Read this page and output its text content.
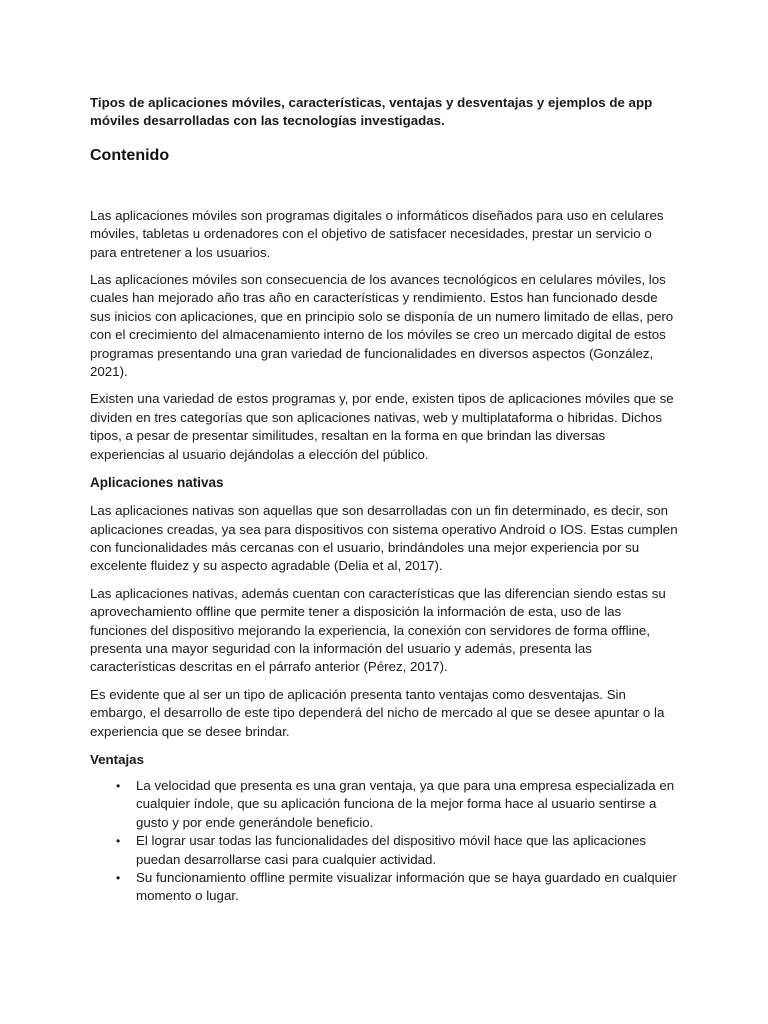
Tipos de aplicaciones móviles, características, ventajas y desventajas y ejemplos de app móviles desarrolladas con las tecnologías investigadas.

Contenido

Las aplicaciones móviles son programas digitales o informáticos diseñados para uso en celulares móviles, tabletas u ordenadores con el objetivo de satisfacer necesidades, prestar un servicio o para entretener a los usuarios.

Las aplicaciones móviles son consecuencia de los avances tecnológicos en celulares móviles, los cuales han mejorado año tras año en características y rendimiento. Estos han funcionado desde sus inicios con aplicaciones, que en principio solo se disponía de un numero limitado de ellas, pero con el crecimiento del almacenamiento interno de los móviles se creo un mercado digital de estos programas presentando una gran variedad de funcionalidades en diversos aspectos (González, 2021).

Existen una variedad de estos programas y, por ende, existen tipos de aplicaciones móviles que se dividen en tres categorías que son aplicaciones nativas, web y multiplataforma o hibridas. Dichos tipos, a pesar de presentar similitudes, resaltan en la forma en que brindan las diversas experiencias al usuario dejándolas a elección del público.

Aplicaciones nativas

Las aplicaciones nativas son aquellas que son desarrolladas con un fin determinado, es decir, son aplicaciones creadas, ya sea para dispositivos con sistema operativo Android o IOS. Estas cumplen con funcionalidades más cercanas con el usuario, brindándoles una mejor experiencia por su excelente fluidez y su aspecto agradable (Delia et al, 2017).

Las aplicaciones nativas, además cuentan con características que las diferencian siendo estas su aprovechamiento offline que permite tener a disposición la información de esta, uso de las funciones del dispositivo mejorando la experiencia, la conexión con servidores de forma offline, presenta una mayor seguridad con la información del usuario y además, presenta las características descritas en el párrafo anterior (Pérez, 2017).

Es evidente que al ser un tipo de aplicación presenta tanto ventajas como desventajas. Sin embargo, el desarrollo de este tipo dependerá del nicho de mercado al que se desee apuntar o la experiencia que se desee brindar.

Ventajas
• La velocidad que presenta es una gran ventaja, ya que para una empresa especializada en cualquier índole, que su aplicación funciona de la mejor forma hace al usuario sentirse a gusto y por ende generándole beneficio.
• El lograr usar todas las funcionalidades del dispositivo móvil hace que las aplicaciones puedan desarrollarse casi para cualquier actividad.
• Su funcionamiento offline permite visualizar información que se haya guardado en cualquier momento o lugar.
